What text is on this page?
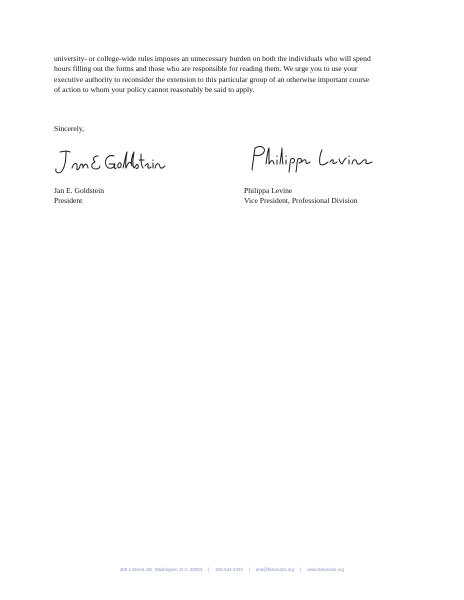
university- or college-wide rules imposes an unnecessary burden on both the individuals who will spend
hours filling out the forms and those who are responsible for reading them. We urge you to use your
executive authority to reconsider the extension to this particular group of an otherwise important course
of action to whom your policy cannot reasonably be said to apply.
Sincerely,
Jan E. Goldstein
President
Philippa Levine
Vice President, Professional Division
400 A Street, SE, Washington, D.C. 20003 | 202-544-2422 | aha@historians.org | www.historians.org
